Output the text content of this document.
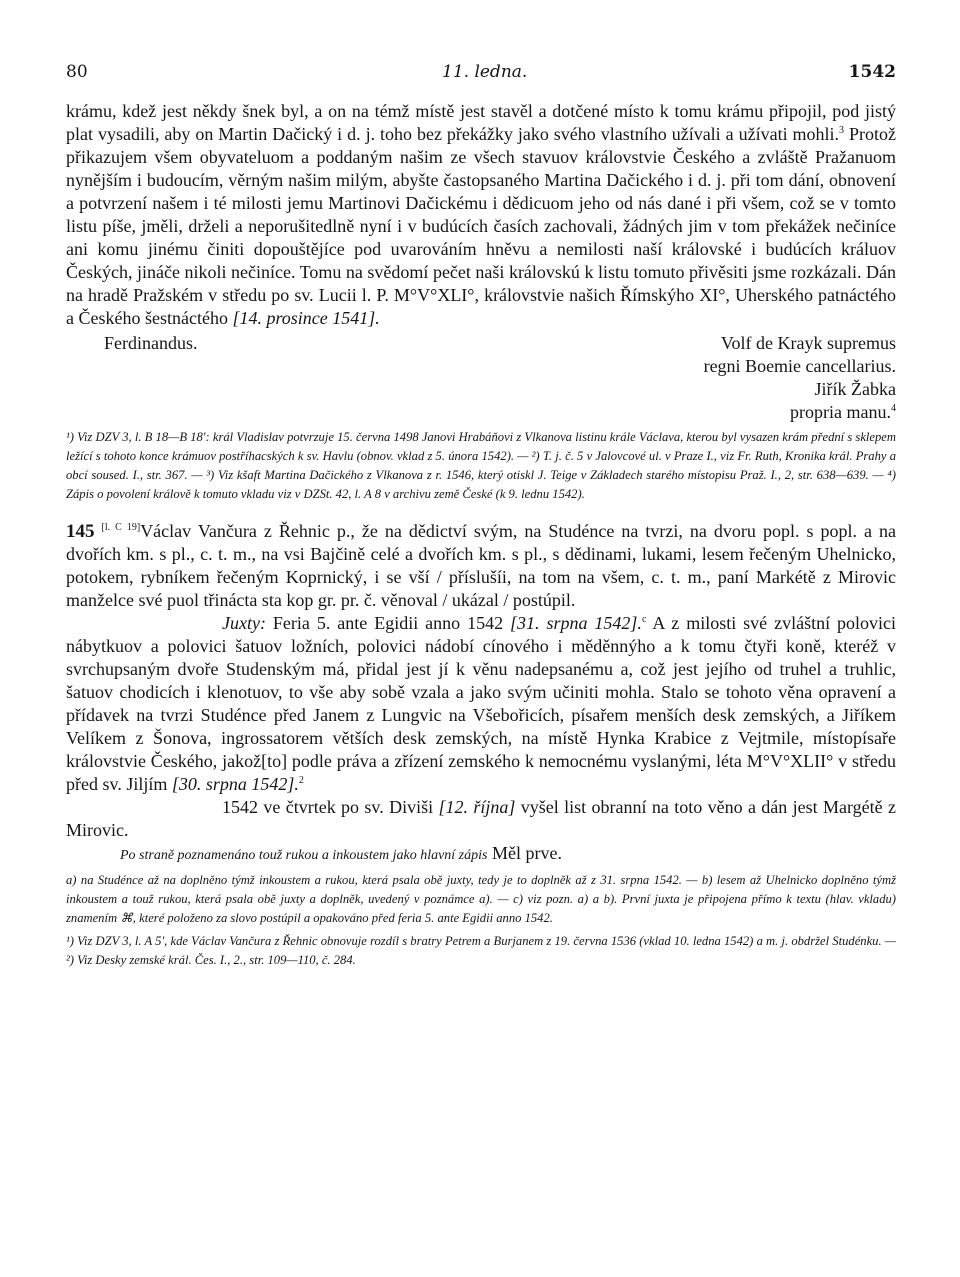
80	11. ledna.	1542

krámu, kdež jest někdy šnek byl, a on na témž místě jest stavěl a dotčené místo k tomu krámu připojil, pod jistý plat vysadili, aby on Martin Dačický i d. j. toho bez překážky jako svého vlastního užívali a užívati mohli.$^3$ Protož přikazujem všem obyvateluom a poddaným našim ze všech stavuov královstvie Českého a zvláště Pražanuom nynějším i budoucím, věrným našim milým, abyšte častopsaného Martina Dačického i d. j. při tom dání, obnovení a potvrzení našem i té milosti jemu Martinovi Dačickému i dědicuom jeho od nás dané i při všem, což se v tomto listu píše, jměli, drželi a neporušitedlně nyní i v budúcích časích zachovali, žádných jim v tom překážek nečiníce ani komu jinému činiti dopouštějíce pod uvarováním hněvu a nemilosti naší královské i budúcích králuov Českých, jináče nikoli nečiníce. Tomu na svědomí pečet naši královskú k listu tomuto přivěsiti jsme rozkázali. Dán na hradě Pražském v středu po sv. Lucii l. P. M°V°XLI°, královstvie našich Římskýho XI°, Uherského patnáctého a Českého šestnáctého [14. prosince 1541].

Ferdinandus.	Volf de Krayk supremus
regni Boemie cancellarius.
Jiřík Žabka
propria manu.$^4$

¹) Viz DZV 3, l. B 18—B 18': král Vladislav potvrzuje 15. června 1498 Janovi Hrabáňovi z Vlkanova listinu krále Václava, kterou byl vysazen krám přední s sklepem ležící s tohoto konce krámuov postříhacských k sv. Havlu (obnov. vklad z 5. února 1542). — ²) T. j. č. 5 v Jalovcové ul. v Praze I., viz Fr. Ruth, Kronika král. Prahy a obcí soused. I., str. 367. — ³) Viz kšaft Martina Dačického z Vlkanova z r. 1546, který otiskl J. Teige v Základech starého místopisu Praž. I., 2, str. 638—639. — ⁴) Zápis o povolení královĕ k tomuto vkladu viz v DZSt. 42, l. A 8 v archivu země České (k 9. lednu 1542).

145 [l. C 19]Václav Vančura z Řehnic p., že na dědictví svým, na Studénce na tvrzi, na dvoru popl. s popl. a na dvořích km. s pl., c. t. m., na vsi Bajčině celé a dvořích km. s pl., s dědinami, lukami, lesem řečeným Uhelnicko, potokem, rybníkem řečeným Koprnický, i se vší / příslušíi, na tom na všem, c. t. m., paní Markétě z Mirovic manželce své puol třinácta sta kop gr. pr. č. věnoval / ukázal / postúpil.

Juxty: Feria 5. ante Egidii anno 1542 [31. srpna 1542].$^c$ A z milosti své zvláštní polovici nábytkuov a polovici šatuov ložních, polovici nádobí cínového i měděnnýho a k tomu čtyři koně, kteréž v svrchupsaným dvoře Studenským má, přidal jest jí k věnu nadepsanému a, což jest jejího od truhel a truhlic, šatuov chodicích i klenotuov, to vše aby sobě vzala a jako svým učiniti mohla. Stalo se tohoto věna opravení a přídavek na tvrzi Studénce před Janem z Lungvic na Všebořicích, písařem menších desk zemských, a Jiříkem Velíkem z Šonova, ingrossatorem větších desk zemských, na místě Hynka Krabice z Vejtmile, místopísaře královstvie Českého, jakož[to] podle práva a zřízení zemského k nemocnému vyslanými, léta M°V°XLII° v středu před sv. Jiljím [30. srpna 1542].$^2$

1542 ve čtvrtek po sv. Diviši [12. října] vyšel list obranní na toto věno a dán jest Margétě z Mirovic.

Po straně poznamenáno touž rukou a inkoustem jako hlavní zápis Měl prve.

a) na Studénce až na doplněno týmž inkoustem a rukou, která psala obě juxty, tedy je to doplněk až z 31. srpna 1542. — b) lesem až Uhelnicko doplněno týmž inkoustem a touž rukou, která psala obě juxty a doplněk, uvedený v poznámce a). — c) viz pozn. a) a b). První juxta je připojena přímo k textu (hlav. vkladu) znamením ⌘, které položeno za slovo postúpil a opakováno před feria 5. ante Egidii anno 1542.

¹) Viz DZV 3, l. A 5', kde Václav Vančura z Řehnic obnovuje rozdíl s bratry Petrem a Burjanem z 19. června 1536 (vklad 10. ledna 1542) a m. j. obdržel Studénku. — ²) Viz Desky zemské král. Čes. I., 2., str. 109—110, č. 284.
